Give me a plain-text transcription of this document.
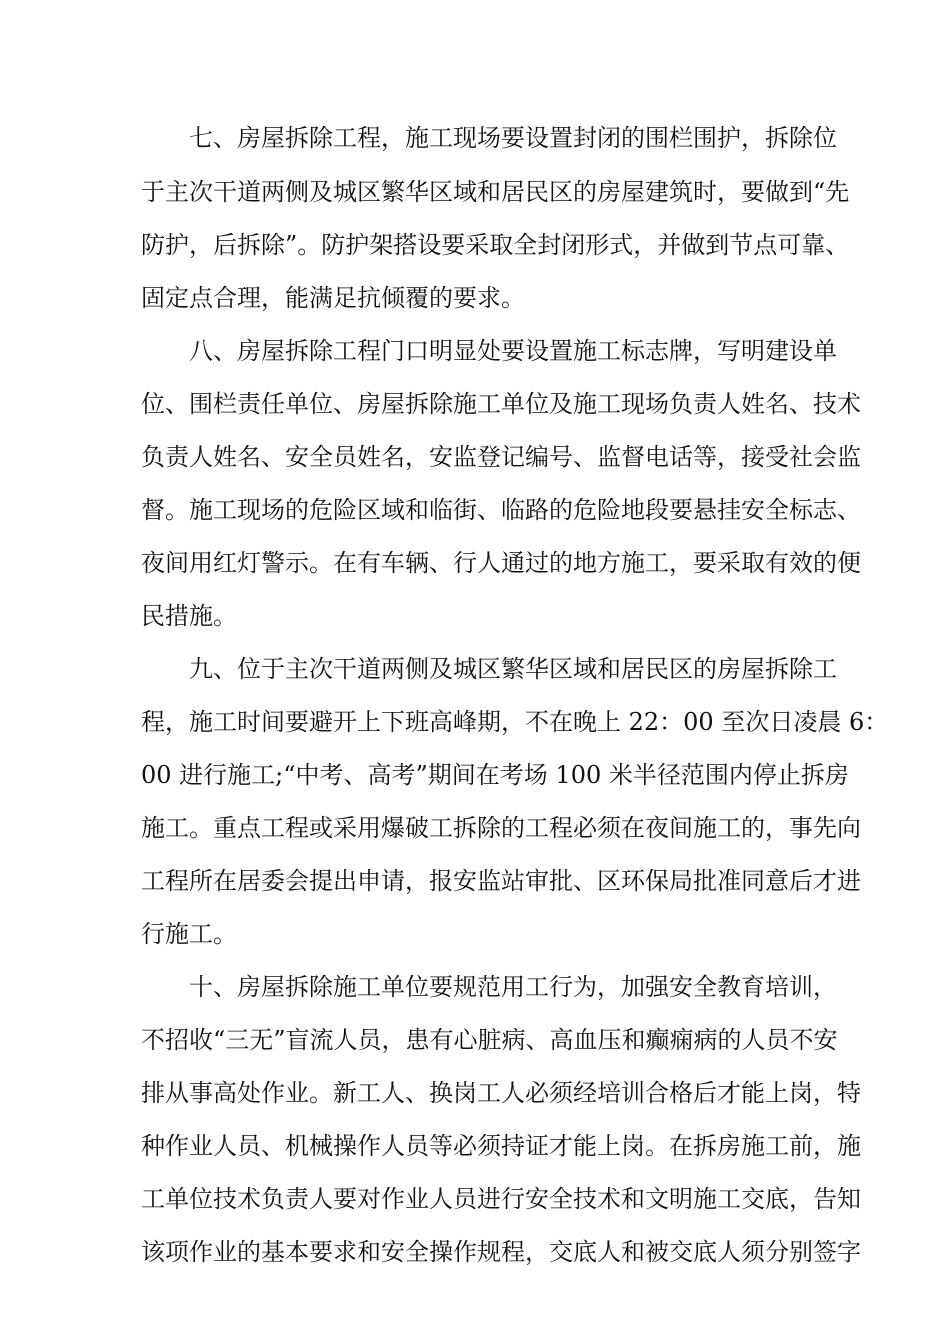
七、房屋拆除工程，施工现场要设置封闭的围栏围护，拆除位
于主次干道两侧及城区繁华区域和居民区的房屋建筑时，要做到“先
防护，后拆除”。防护架搭设要采取全封闭形式，并做到节点可靠、
固定点合理，能满足抗倾覆的要求。
八、房屋拆除工程门口明显处要设置施工标志牌，写明建设单
位、围栏责任单位、房屋拆除施工单位及施工现场负责人姓名、技术
负责人姓名、安全员姓名，安监登记编号、监督电话等，接受社会监
督。施工现场的危险区域和临街、临路的危险地段要悬挂安全标志、
夜间用红灯警示。在有车辆、行人通过的地方施工，要采取有效的便
民措施。
九、位于主次干道两侧及城区繁华区域和居民区的房屋拆除工
程，施工时间要避开上下班高峰期，不在晚上 22：00 至次日凌晨 6：
00 进行施工;“中考、高考”期间在考场 100 米半径范围内停止拆房
施工。重点工程或采用爆破工拆除的工程必须在夜间施工的，事先向
工程所在居委会提出申请，报安监站审批、区环保局批准同意后才进
行施工。
十、房屋拆除施工单位要规范用工行为，加强安全教育培训，
不招收“三无”盲流人员，患有心脏病、高血压和癫痫病的人员不安
排从事高处作业。新工人、换岗工人必须经培训合格后才能上岗，特
种作业人员、机械操作人员等必须持证才能上岗。在拆房施工前，施
工单位技术负责人要对作业人员进行安全技术和文明施工交底，告知
该项作业的基本要求和安全操作规程，交底人和被交底人须分别签字
